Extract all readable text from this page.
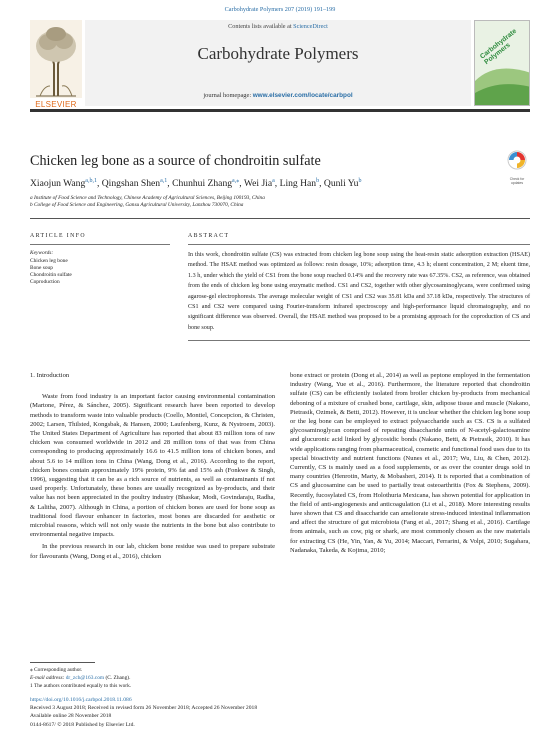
Carbohydrate Polymers 207 (2019) 191–199
Contents lists available at ScienceDirect
Carbohydrate Polymers
journal homepage: www.elsevier.com/locate/carbpol
ELSEVIER
Carbohydrate Polymers
Chicken leg bone as a source of chondroitin sulfate
Check for updates
Xiaojun Wang$^{a,b,1}$, Qingshan Shen$^{a,1}$, Chunhui Zhang$^{a,⁎}$, Wei Jia$^a$, Ling Han$^b$, Qunli Yu$^b$
a Institute of Food Science and Technology, Chinese Academy of Agricultural Sciences, Beijing 100193, China
b College of Food Science and Engineering, Gansu Agricultural University, Lanzhou 730070, China
ARTICLE INFO
Keywords:
Chicken leg bone
Bone soup
Chondroitin sulfate
Coproduction
ABSTRACT
In this work, chondroitin sulfate (CS) was extracted from chicken leg bone soup using the heat-resin static adsorption extraction (HSAE) method. The HSAE method was optimized as follows: resin dosage, 10%; adsorption time, 4.3 h; eluent concentration, 2 M; eluent time, 1.3 h, under which the yield of CS1 from the bone soup reached 0.14% and the recovery rate was 67.35%. CS2, as reference, was obtained from the ends of chicken leg bone using enzymatic method. CS1 and CS2, together with other glycosaminoglycans, were confirmed using agarose-gel electrophoresis. The average molecular weight of CS1 and CS2 was 35.81 kDa and 37.18 kDa, respectively. The structures of CS1 and CS2 were compared using Fourier-transform infrared spectroscopy and high-performance liquid chromatography, and no significant difference was observed. Overall, the HSAE method was proposed to be a promising approach for the coproduction of CS and bone soup.
1. Introduction

Waste from food industry is an important factor causing environmental contamination (Martone, Pérez, & Sánchez, 2005). Significant research have been reported to develop methods to transform waste into valuable products (Coello, Montiel, Concepcion, & Christen, 2002; Larsen, Thilsted, Kongsbak, & Hansen, 2000; Laufenberg, Kunz, & Nystroem, 2003). The United States Department of Agriculture has reported that about 83 million tons of raw chicken was consumed worldwide in 2012 and 28 million tons of that was from China corresponding to producing approximately 16.6 to 41.5 million tons of chicken bones, and about 5.6 to 14 million tons in China (Wang, Dong et al., 2016). According to the report, chicken bones contain approximately 19% protein, 9% fat and 15% ash (Fonkwe & Singh, 1996), suggesting that it can be as a rich source of nutrients, as well as contaminants if not used properly. Unfortunately, these bones are usually recognized as by-products, and their value has not been appreciated in the poultry industry (Bhaskar, Modi, Govindaraju, Radha, & Lalitha, 2007). Although in China, a portion of chicken bones are used for bone soup as traditional food flavour enhancer in factories, most bones are discarded for aesthetic or microbial reasons, which will not only waste the nutrients in the bone but also contribute to environmental negative impacts.

In the previous research in our lab, chicken bone residue was used to prepare substrate for flavourants (Wang, Dong et al., 2016), chicken

bone extract or protein (Dong et al., 2014) as well as peptone employed in the fermentation industry (Wang, Yue et al., 2016). Furthermore, the literature reported that chondroitin sulfate (CS) can be efficiently isolated from broiler chicken by-products from mechanical deboning of a mixture of crushed bone, cartilage, skin, adipose tissue and muscle (Nakano, Pietrasik, Ozimek, & Betti, 2012). However, it is unclear whether the chicken leg bone soup or the leg bone can be employed to extract polysaccharide such as CS. CS is a sulfated glycosaminoglycan comprised of repeating disaccharide units of N-acetyl-galactosamine and glucuronic acid linked by glycosidic bonds (Nakano, Betti, & Pietrasik, 2010). It has wide applications ranging from pharmaceutical, cosmetic and functional food uses due to its special bioactivity and nutrient functions (Nunes et al., 2017; Wu, Liu, & Chen, 2012). Currently, CS is mainly used as a food supplements, or as over the counter drugs sold in many countries (Henrotin, Marty, & Mobasheri, 2014). It is reported that a combination of CS and glucosamine can be used to partially treat osteoarthritis (Fox & Stephens, 2009). Recently, fucosylated CS, from Holothuria Mexicana, has shown potential for application in the field of anti-angiogenesis and anticoagulation (Li et al., 2018). More interesting results have shown that CS and disaccharide can ameliorate stress-induced intestinal inflammation and affect the structure of gut microbiota (Fang et al., 2017; Shang et al., 2016). Cartilage from animals, such as cow, pig or shark, are most commonly chosen as the raw materials for extracting CS (He, Yin, Yan, & Yu, 2014; Maccari, Ferrarini, & Volpi, 2010; Sugahara, Nadanaka, Takeda, & Kojima, 2010;

⁎ Corresponding author.
E-mail address: dr_zch@163.com (C. Zhang).
1 The authors contributed equally to this work.
https://doi.org/10.1016/j.carbpol.2018.11.086
Received 3 August 2018; Received in revised form 26 November 2018; Accepted 26 November 2018
Available online 28 November 2018
0144-8617/ © 2018 Published by Elsevier Ltd.
